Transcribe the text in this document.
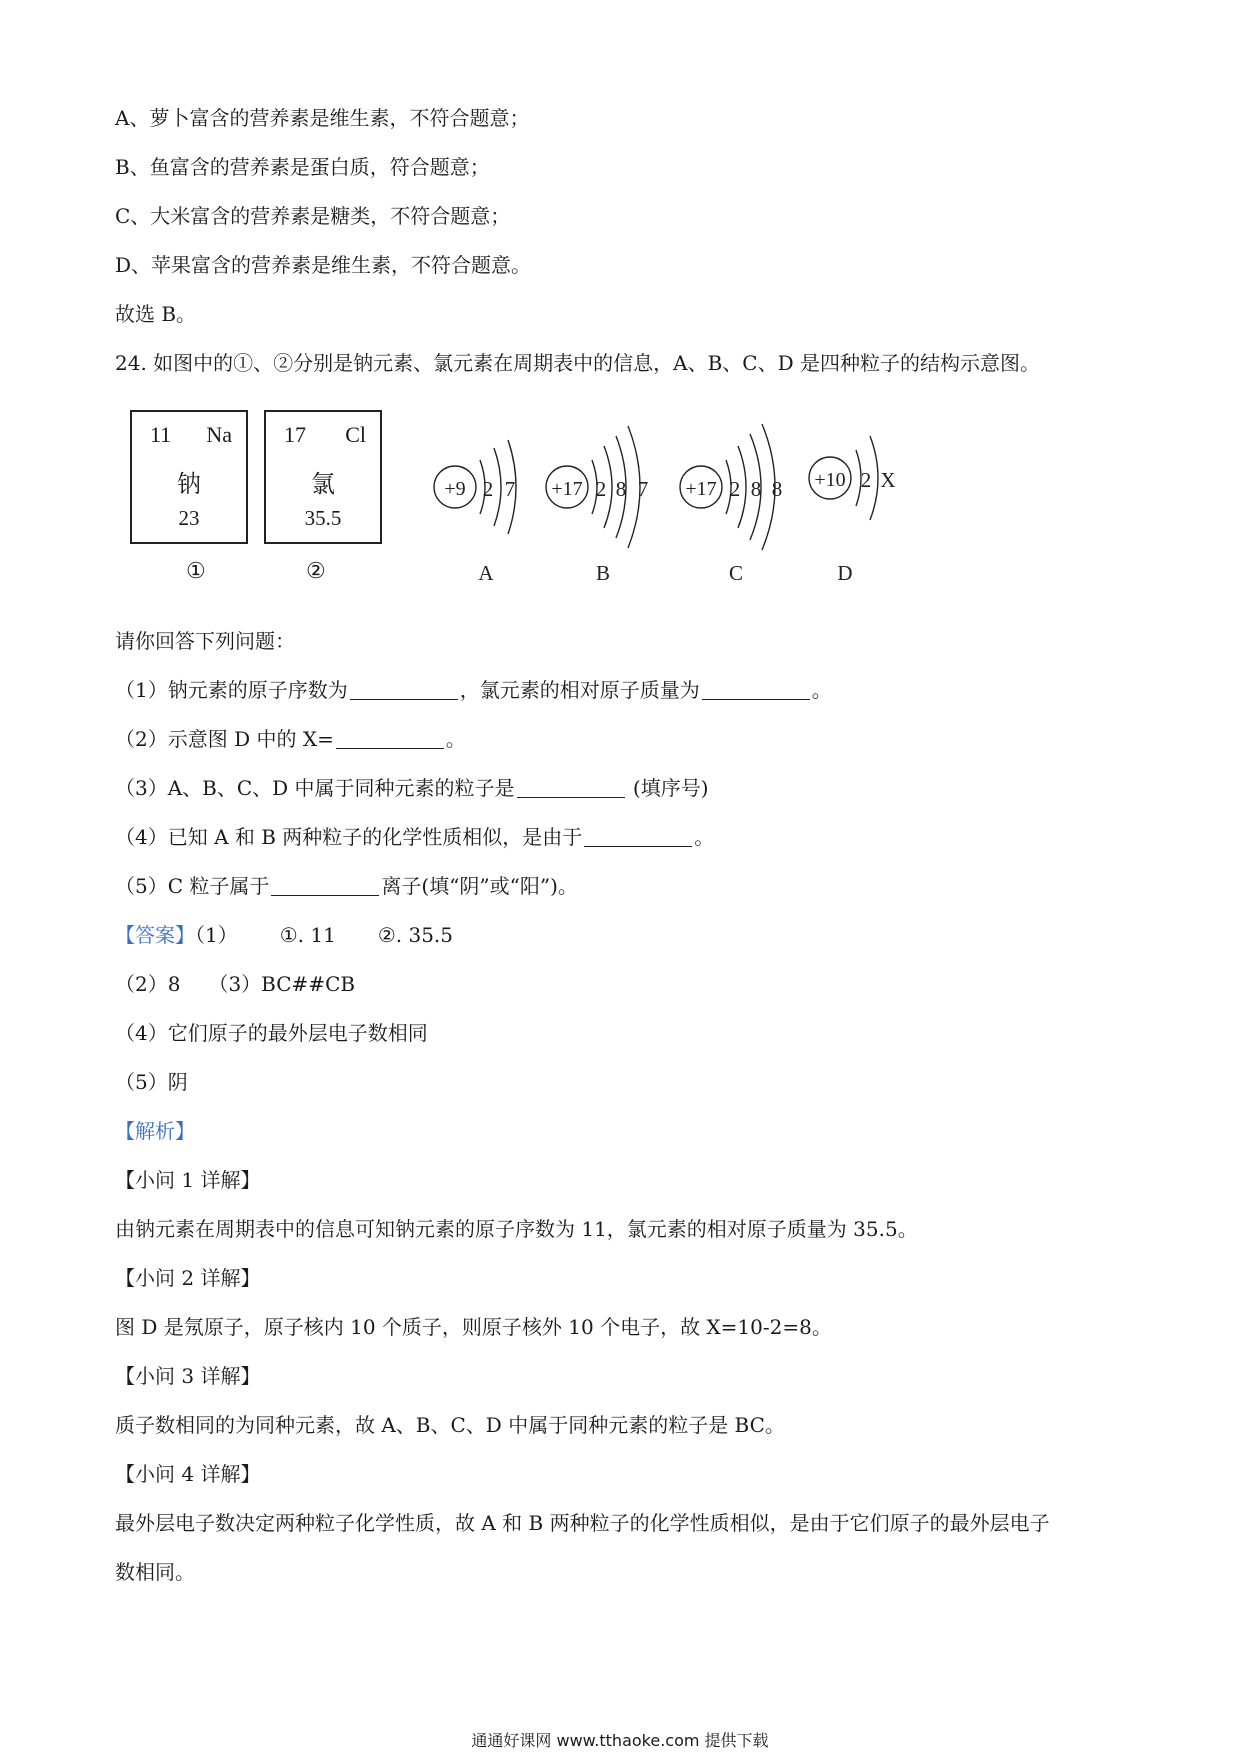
A、萝卜富含的营养素是维生素，不符合题意；
B、鱼富含的营养素是蛋白质，符合题意；
C、大米富含的营养素是糖类，不符合题意；
D、苹果富含的营养素是维生素，不符合题意。
故选 B。
24. 如图中的①、②分别是钠元素、氯元素在周期表中的信息，A、B、C、D 是四种粒子的结构示意图。
11 Na
钠
23
17 Cl
氯
35.5
①	②
+9 2 7
A
+17 2 8 7
B
+17 2 8 8
C
+10 2 X
D
请你回答下列问题：
（1）钠元素的原子序数为	，氯元素的相对原子质量为	。
（2）示意图 D 中的 X=	。
（3）A、B、C、D 中属于同种元素的粒子是	(填序号)
（4）已知 A 和 B 两种粒子的化学性质相似，是由于	。
（5）C 粒子属于	离子(填“阴”或“阳”)。
【答案】（1） ①. 11 ②. 35.5
（2）8 （3）BC##CB
（4）它们原子的最外层电子数相同
（5）阴
【解析】
【小问 1 详解】
由钠元素在周期表中的信息可知钠元素的原子序数为 11，氯元素的相对原子质量为 35.5。
【小问 2 详解】
图 D 是氖原子，原子核内 10 个质子，则原子核外 10 个电子，故 X=10-2=8。
【小问 3 详解】
质子数相同的为同种元素，故 A、B、C、D 中属于同种元素的粒子是 BC。
【小问 4 详解】
最外层电子数决定两种粒子化学性质，故 A 和 B 两种粒子的化学性质相似，是由于它们原子的最外层电子
数相同。
通通好课网 www.tthaoke.com 提供下载
